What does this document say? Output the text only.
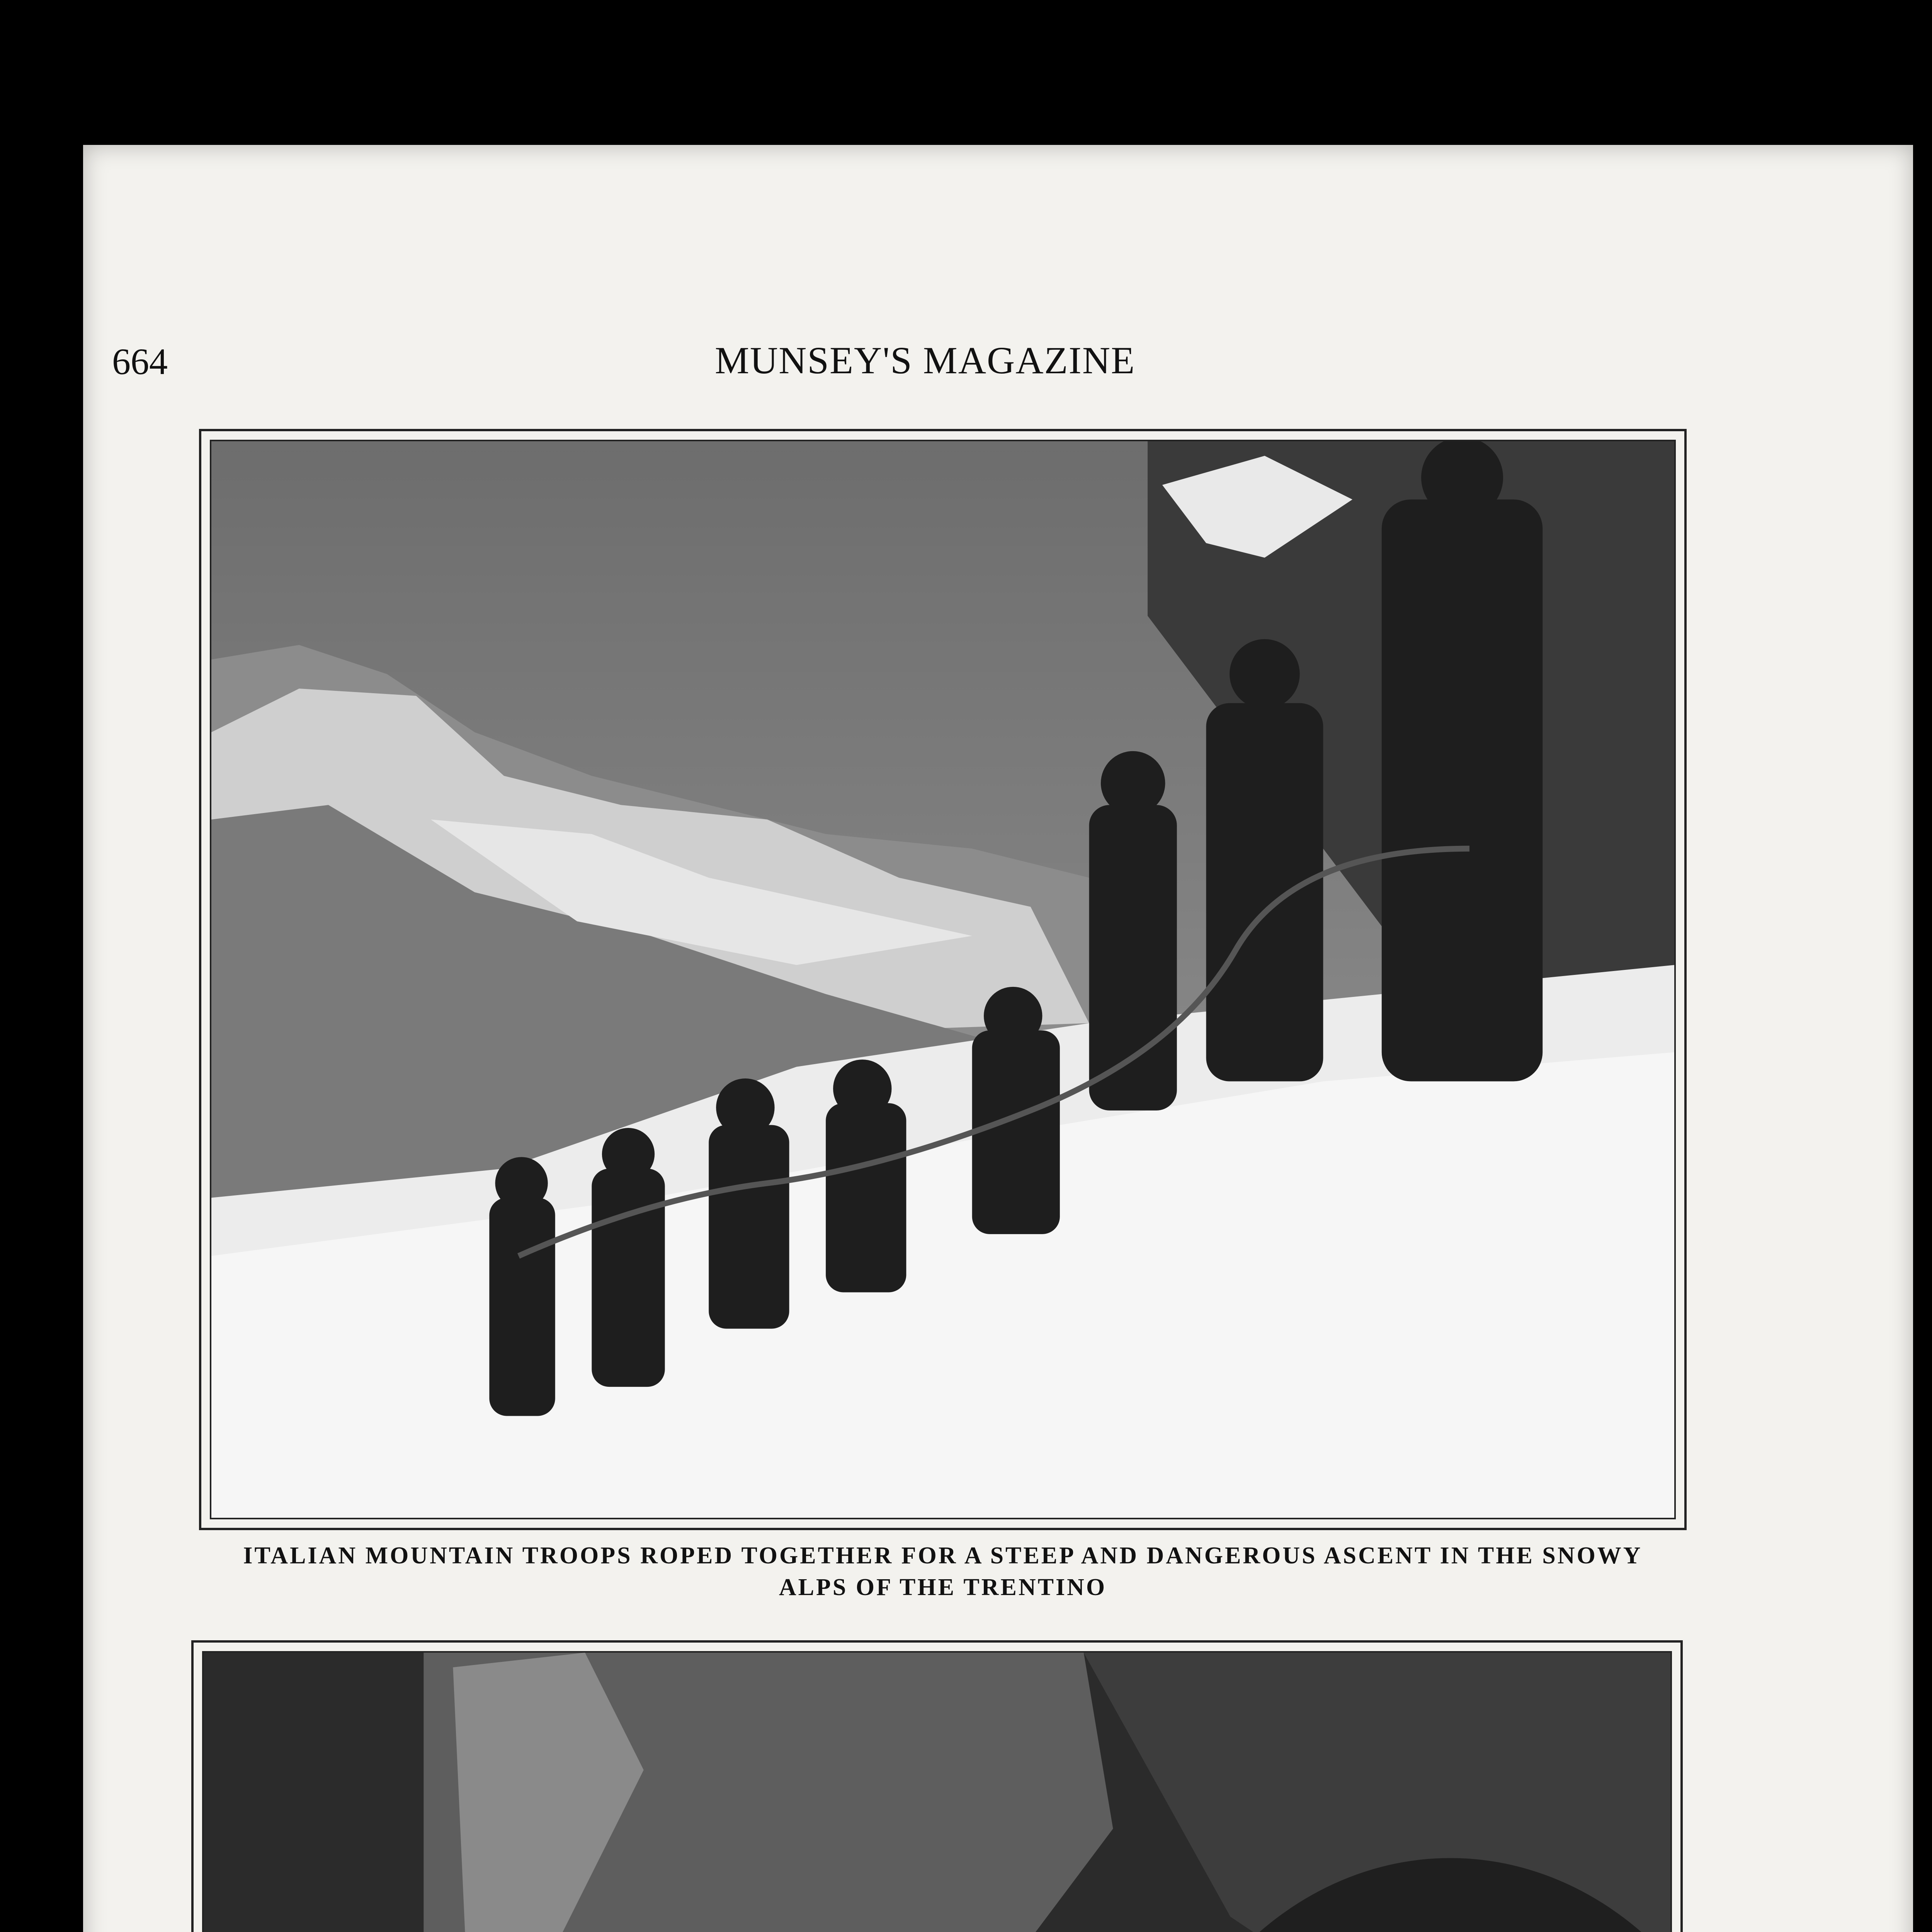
664	MUNSEY'S MAGAZINE
ITALIAN MOUNTAIN TROOPS ROPED TOGETHER FOR A STEEP AND DANGEROUS ASCENT IN THE SNOWY
ALPS OF THE TRENTINO
